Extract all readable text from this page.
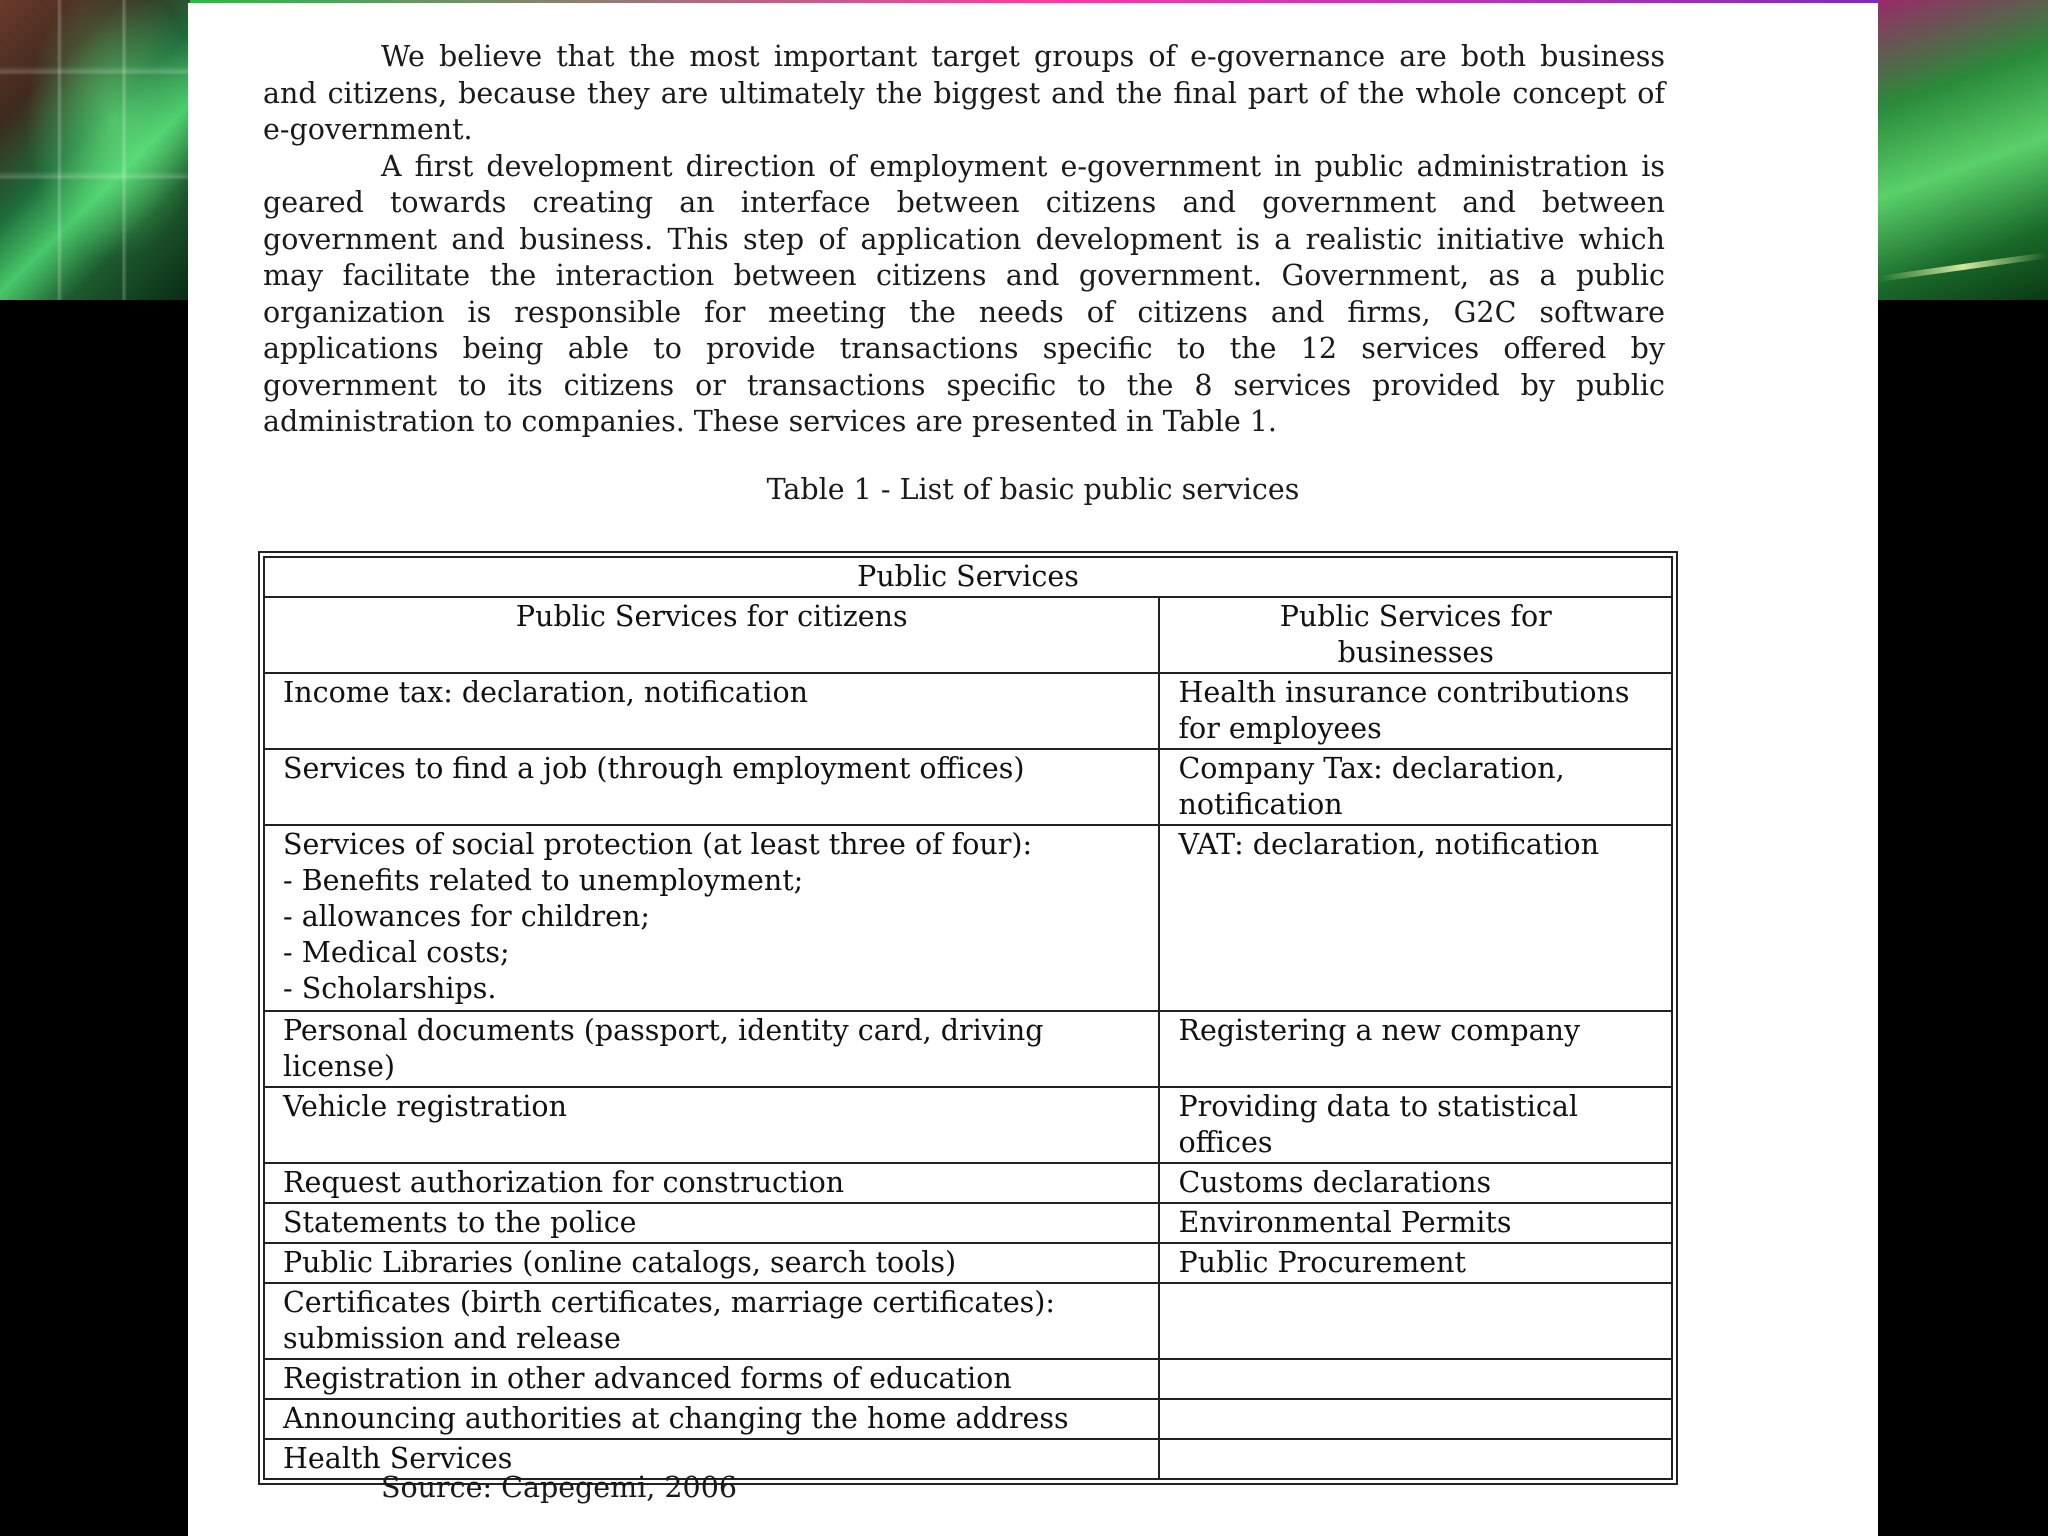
We believe that the most important target groups of e-governance are both business and citizens, because they are ultimately the biggest and the final part of the whole concept of e-government.

A first development direction of employment e-government in public administration is geared towards creating an interface between citizens and government and between government and business. This step of application development is a realistic initiative which may facilitate the interaction between citizens and government. Government, as a public organization is responsible for meeting the needs of citizens and firms, G2C software applications being able to provide transactions specific to the 12 services offered by government to its citizens or transactions specific to the 8 services provided by public administration to companies. These services are presented in Table 1.

Table 1 - List of basic public services
Public Services	
Public Services for citizens	Public Services for businesses
Income tax: declaration, notification	Health insurance contributions for employees
Services to find a job (through employment offices)	Company Tax: declaration, notification

Services of social protection (at least three of four):
- Benefits related to unemployment;
- allowances for children;
- Medical costs;
- Scholarships.	VAT: declaration, notification
Personal documents (passport, identity card, driving license)	Registering a new company
Vehicle registration	Providing data to statistical offices
Request authorization for construction	Customs declarations
Statements to the police	Environmental Permits
Public Libraries (online catalogs, search tools)	Public Procurement
Certificates (birth certificates, marriage certificates): submission and release	
Registration in other advanced forms of education	
Announcing authorities at changing the home address	
Health Services	
Source: Capegemi, 2006
